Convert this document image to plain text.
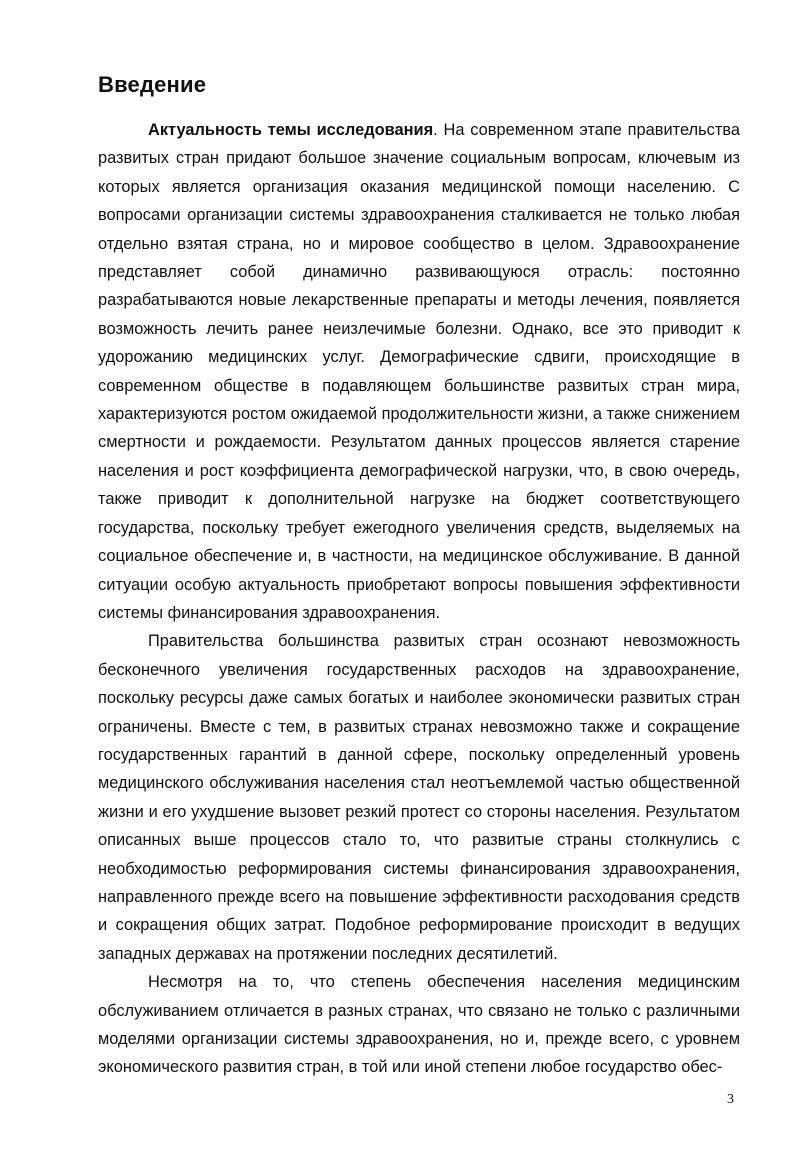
Введение

Актуальность темы исследования. На современном этапе правительства развитых стран придают большое значение социальным вопросам, ключевым из которых является организация оказания медицинской помощи населению. С вопросами организации системы здравоохранения сталкивается не только любая отдельно взятая страна, но и мировое сообщество в целом. Здравоохранение представляет собой динамично развивающуюся отрасль: постоянно разрабатываются новые лекарственные препараты и методы лечения, появляется возможность лечить ранее неизлечимые болезни. Однако, все это приводит к удорожанию медицинских услуг. Демографические сдвиги, происходящие в современном обществе в подавляющем большинстве развитых стран мира, характеризуются ростом ожидаемой продолжительности жизни, а также снижением смертности и рождаемости. Результатом данных процессов является старение населения и рост коэффициента демографической нагрузки, что, в свою очередь, также приводит к дополнительной нагрузке на бюджет соответствующего государства, поскольку требует ежегодного увеличения средств, выделяемых на социальное обеспечение и, в частности, на медицинское обслуживание. В данной ситуации особую актуальность приобретают вопросы повышения эффективности системы финансирования здравоохранения.

Правительства большинства развитых стран осознают невозможность бесконечного увеличения государственных расходов на здравоохранение, поскольку ресурсы даже самых богатых и наиболее экономически развитых стран ограничены. Вместе с тем, в развитых странах невозможно также и сокращение государственных гарантий в данной сфере, поскольку определенный уровень медицинского обслуживания населения стал неотъемлемой частью общественной жизни и его ухудшение вызовет резкий протест со стороны населения. Результатом описанных выше процессов стало то, что развитые страны столкнулись с необходимостью реформирования системы финансирования здравоохранения, направленного прежде всего на повышение эффективности расходования средств и сокращения общих затрат. Подобное реформирование происходит в ведущих западных державах на протяжении последних десятилетий.

Несмотря на то, что степень обеспечения населения медицинским обслуживанием отличается в разных странах, что связано не только с различными моделями организации системы здравоохранения, но и, прежде всего, с уровнем экономического развития стран, в той или иной степени любое государство обес-

3
